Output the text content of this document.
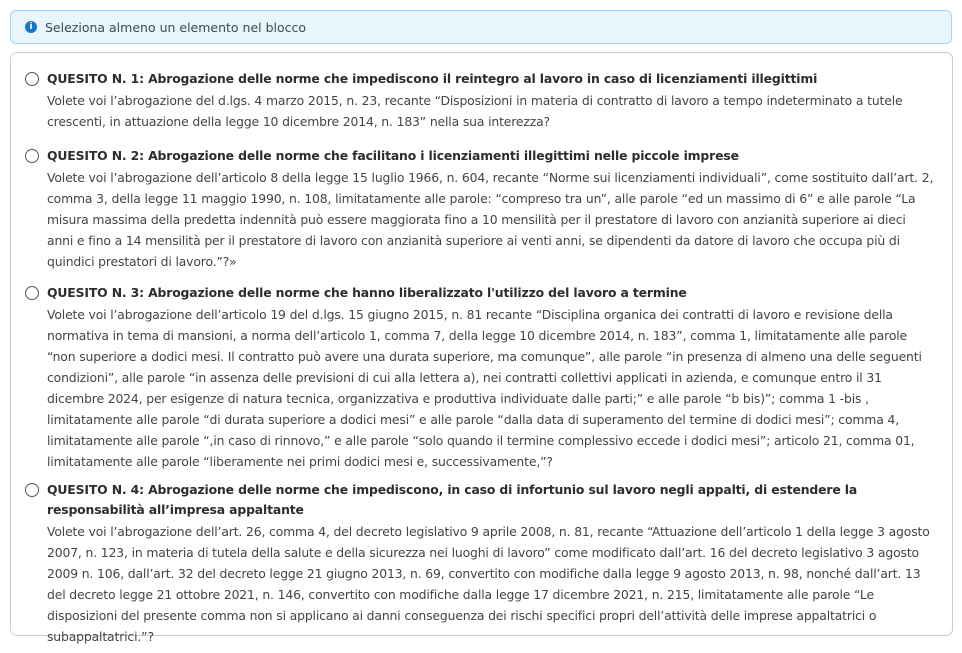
i Seleziona almeno un elemento nel blocco
QUESITO N. 1: Abrogazione delle norme che impediscono il reintegro al lavoro in caso di licenziamenti illegittimi
Volete voi l’abrogazione del d.lgs. 4 marzo 2015, n. 23, recante “Disposizioni in materia di contratto di lavoro a tempo indeterminato a tutele crescenti, in attuazione della legge 10 dicembre 2014, n. 183” nella sua interezza?
QUESITO N. 2: Abrogazione delle norme che facilitano i licenziamenti illegittimi nelle piccole imprese
Volete voi l’abrogazione dell’articolo 8 della legge 15 luglio 1966, n. 604, recante “Norme sui licenziamenti individuali”, come sostituito dall’art. 2, comma 3, della legge 11 maggio 1990, n. 108, limitatamente alle parole: “compreso tra un”, alle parole “ed un massimo di 6” e alle parole “La misura massima della predetta indennità può essere maggiorata fino a 10 mensilità per il prestatore di lavoro con anzianità superiore ai dieci anni e fino a 14 mensilità per il prestatore di lavoro con anzianità superiore ai venti anni, se dipendenti da datore di lavoro che occupa più di quindici prestatori di lavoro.”?»
QUESITO N. 3: Abrogazione delle norme che hanno liberalizzato l'utilizzo del lavoro a termine
Volete voi l’abrogazione dell’articolo 19 del d.lgs. 15 giugno 2015, n. 81 recante “Disciplina organica dei contratti di lavoro e revisione della normativa in tema di mansioni, a norma dell’articolo 1, comma 7, della legge 10 dicembre 2014, n. 183”, comma 1, limitatamente alle parole “non superiore a dodici mesi. Il contratto può avere una durata superiore, ma comunque”, alle parole “in presenza di almeno una delle seguenti condizioni”, alle parole “in assenza delle previsioni di cui alla lettera a), nei contratti collettivi applicati in azienda, e comunque entro il 31 dicembre 2024, per esigenze di natura tecnica, organizzativa e produttiva individuate dalle parti;” e alle parole “b bis)”; comma 1 -bis , limitatamente alle parole “di durata superiore a dodici mesi” e alle parole “dalla data di superamento del termine di dodici mesi”; comma 4, limitatamente alle parole “,in caso di rinnovo,” e alle parole “solo quando il termine complessivo eccede i dodici mesi”; articolo 21, comma 01, limitatamente alle parole “liberamente nei primi dodici mesi e, successivamente,”?
QUESITO N. 4: Abrogazione delle norme che impediscono, in caso di infortunio sul lavoro negli appalti, di estendere la responsabilità all’impresa appaltante
Volete voi l’abrogazione dell’art. 26, comma 4, del decreto legislativo 9 aprile 2008, n. 81, recante “Attuazione dell’articolo 1 della legge 3 agosto 2007, n. 123, in materia di tutela della salute e della sicurezza nei luoghi di lavoro” come modificato dall’art. 16 del decreto legislativo 3 agosto 2009 n. 106, dall’art. 32 del decreto legge 21 giugno 2013, n. 69, convertito con modifiche dalla legge 9 agosto 2013, n. 98, nonché dall’art. 13 del decreto legge 21 ottobre 2021, n. 146, convertito con modifiche dalla legge 17 dicembre 2021, n. 215, limitatamente alle parole “Le disposizioni del presente comma non si applicano ai danni conseguenza dei rischi specifici propri dell’attività delle imprese appaltatrici o subappaltatrici.”?
